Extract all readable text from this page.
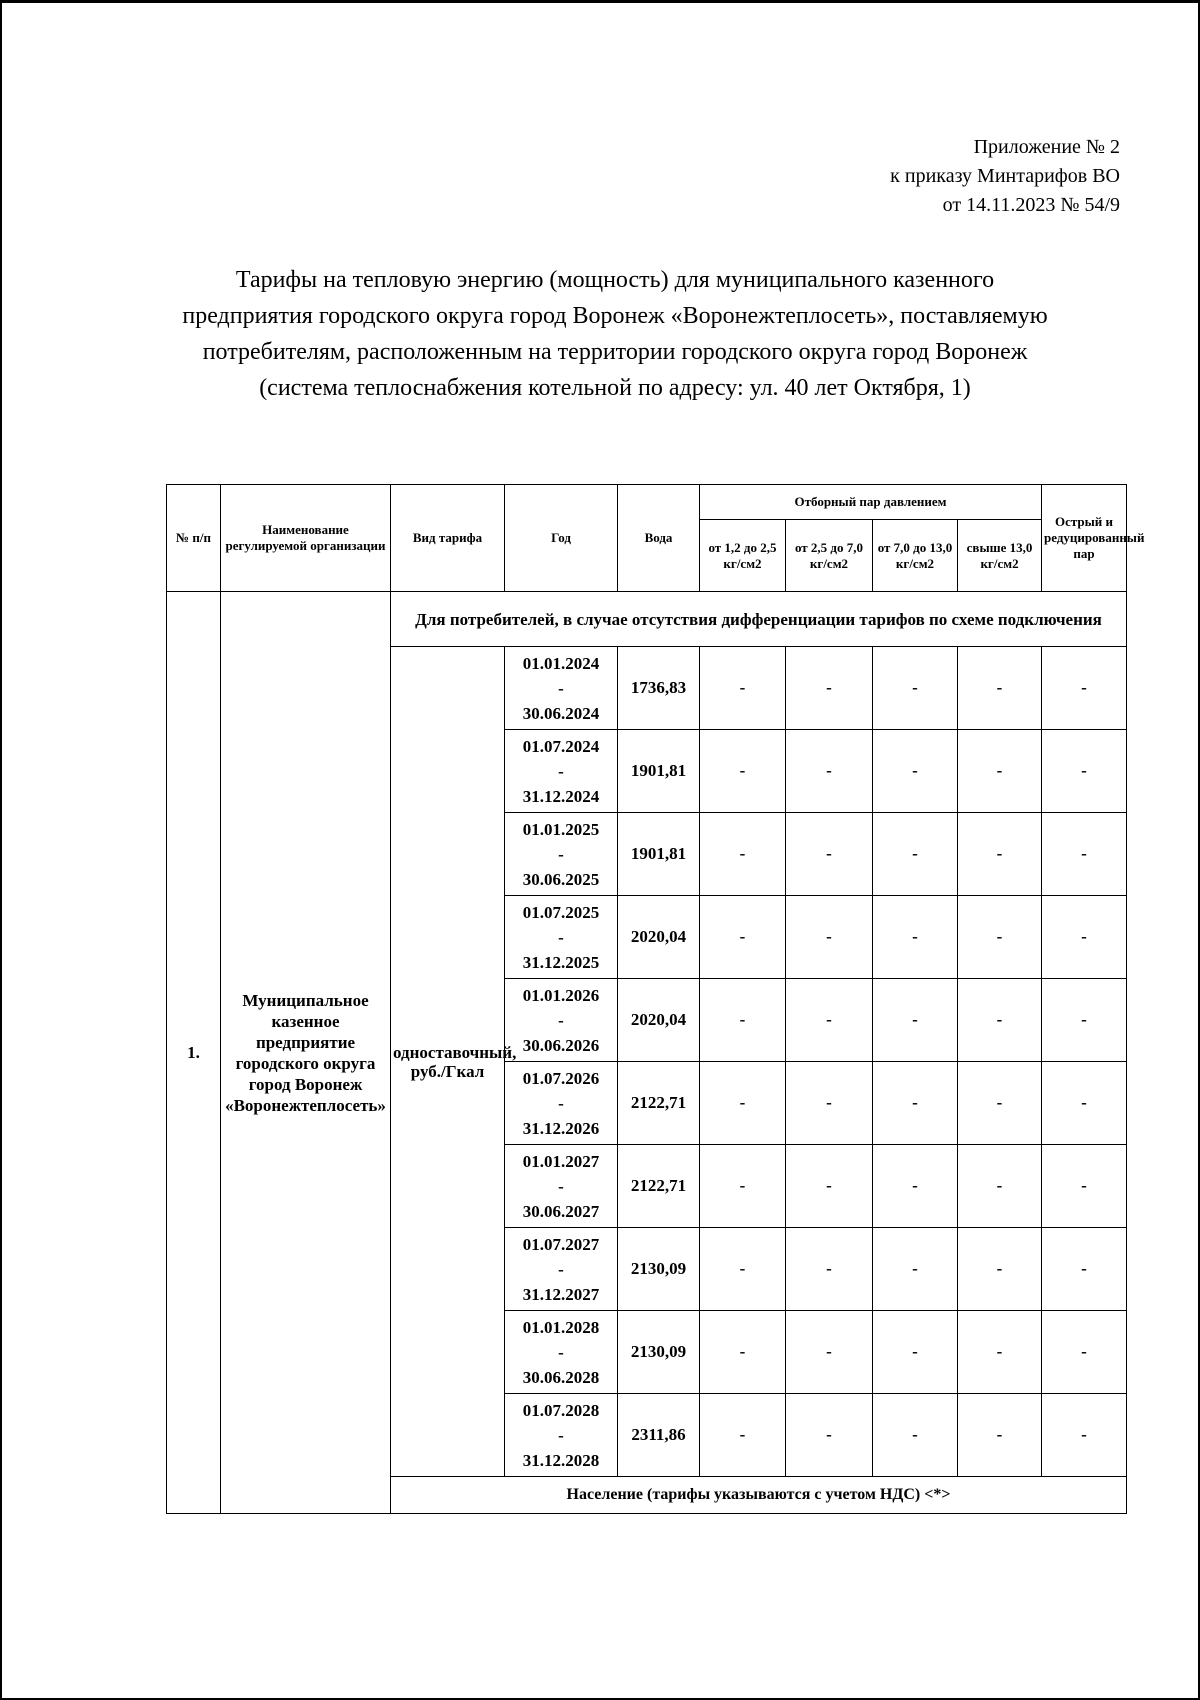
Приложение № 2
к приказу Минтарифов ВО
от 14.11.2023 № 54/9
Тарифы на тепловую энергию (мощность) для муниципального казенного предприятия городского округа город Воронеж «Воронежтеплосеть», поставляемую потребителям, расположенным на территории городского округа город Воронеж (система теплоснабжения котельной по адресу: ул. 40 лет Октября, 1)
№ п/п	Наименование регулируемой организации	Вид тарифа	Год	Вода	Отборный пар давлением				Острый и редуцированный пар
					от 1,2 до 2,5 кг/см2	от 2,5 до 7,0 кг/см2	от 7,0 до 13,0 кг/см2	свыше 13,0 кг/см2	
1.	Муниципальное казенное предприятие городского округа город Воронеж «Воронежтеплосеть»	Для потребителей, в случае отсутствия дифференциации тарифов по схеме подключения							
		одноставочный, руб./Гкал	01.01.2024
-
30.06.2024	1736,83	-	-	-	-	-

			01.07.2024
-
31.12.2024	1901,81	-	-	-	-	-

			01.01.2025
-
30.06.2025	1901,81	-	-	-	-	-

			01.07.2025
-
31.12.2025	2020,04	-	-	-	-	-

			01.01.2026
-
30.06.2026	2020,04	-	-	-	-	-

			01.07.2026
-
31.12.2026	2122,71	-	-	-	-	-

			01.01.2027
-
30.06.2027	2122,71	-	-	-	-	-

			01.07.2027
-
31.12.2027	2130,09	-	-	-	-	-

			01.01.2028
-
30.06.2028	2130,09	-	-	-	-	-

			01.07.2028
-
31.12.2028	2311,86	-	-	-	-	-
		Население (тарифы указываются с учетом НДС) <*>							
